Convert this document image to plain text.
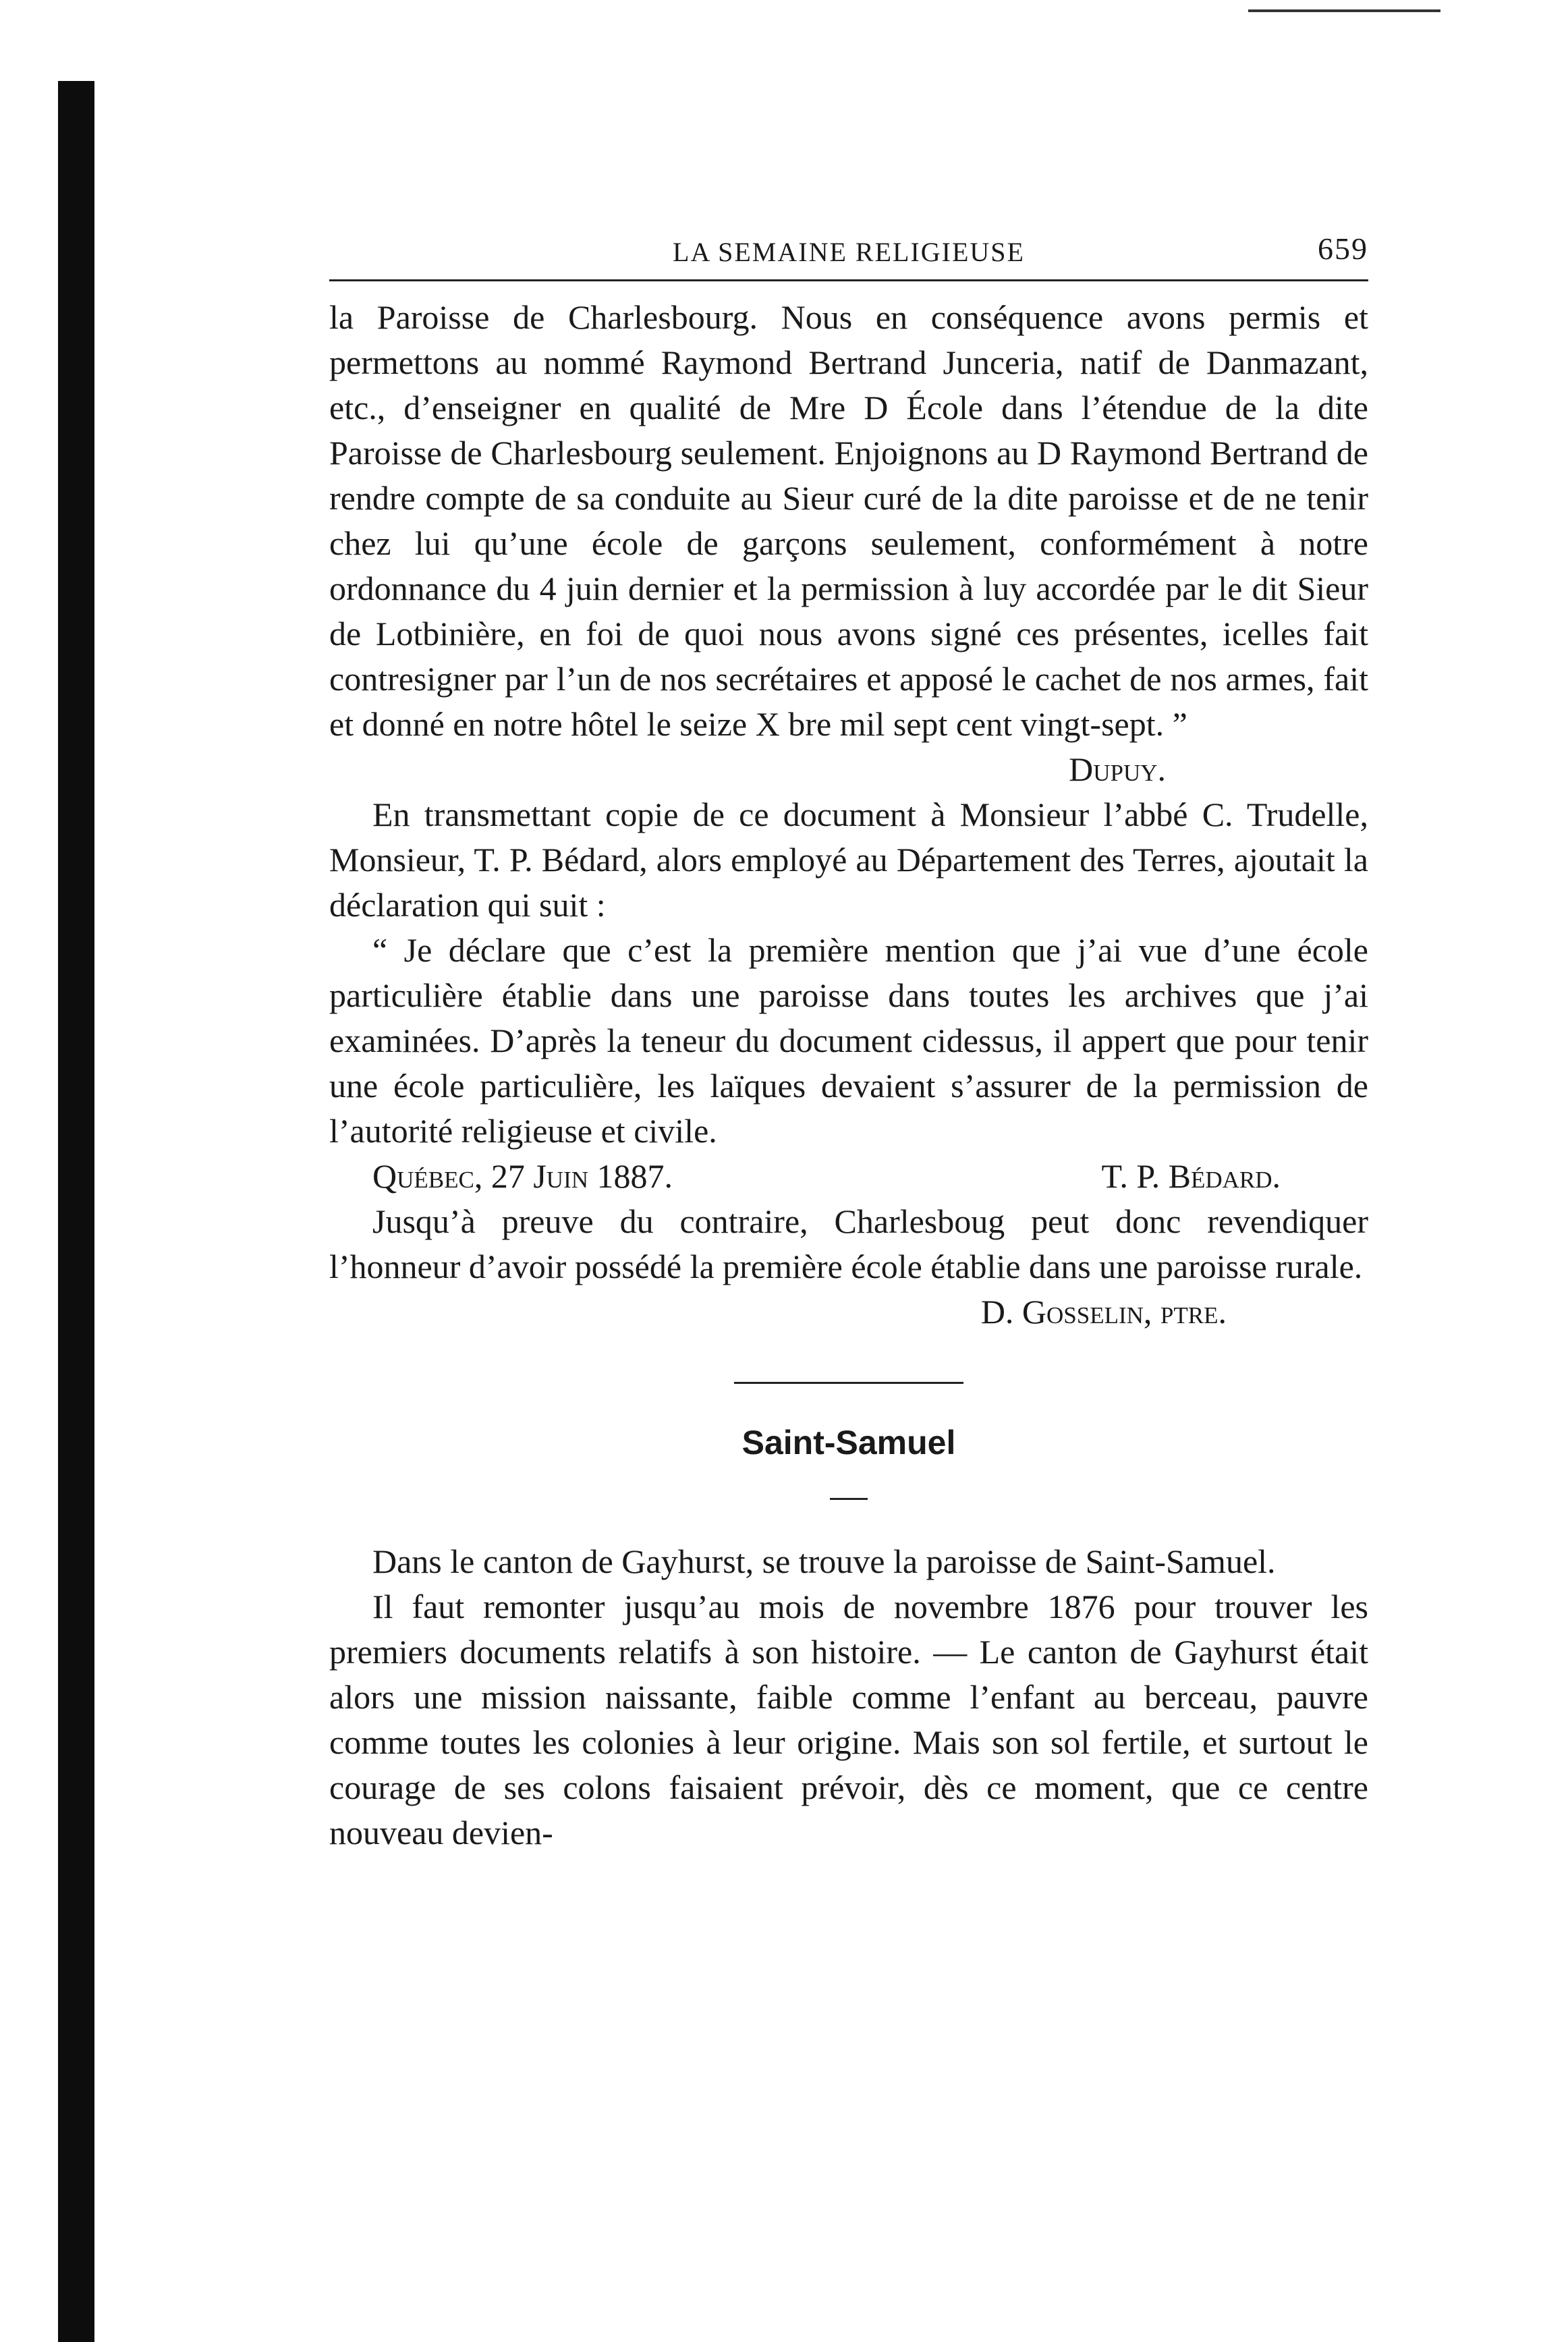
LA SEMAINE RELIGIEUSE	659

la Paroisse de Charlesbourg. Nous en conséquence avons permis et permettons au nommé Raymond Bertrand Junceria, natif de Danmazant, etc., d’enseigner en qualité de Mre D École dans l’étendue de la dite Paroisse de Charlesbourg seulement. Enjoignons au D Raymond Bertrand de rendre compte de sa conduite au Sieur curé de la dite paroisse et de ne tenir chez lui qu’une école de garçons seulement, conformément à notre ordonnance du 4 juin dernier et la permission à luy accordée par le dit Sieur de Lotbinière, en foi de quoi nous avons signé ces présentes, icelles fait contresigner par l’un de nos secrétaires et apposé le cachet de nos armes, fait et donné en notre hôtel le seize X bre mil sept cent vingt-sept. ”

Dupuy.

En transmettant copie de ce document à Monsieur l’abbé C. Trudelle, Monsieur, T. P. Bédard, alors employé au Département des Terres, ajoutait la déclaration qui suit :

“ Je déclare que c’est la première mention que j’ai vue d’une école particulière établie dans une paroisse dans toutes les archives que j’ai examinées. D’après la teneur du document cidessus, il appert que pour tenir une école particulière, les laïques devaient s’assurer de la permission de l’autorité religieuse et civile.

Québec, 27 Juin 1887.	T. P. Bédard.

Jusqu’à preuve du contraire, Charlesboug peut donc revendiquer l’honneur d’avoir possédé la première école établie dans une paroisse rurale.

D. Gosselin, ptre.

Saint-Samuel

Dans le canton de Gayhurst, se trouve la paroisse de Saint-Samuel.

Il faut remonter jusqu’au mois de novembre 1876 pour trouver les premiers documents relatifs à son histoire. — Le canton de Gayhurst était alors une mission naissante, faible comme l’enfant au berceau, pauvre comme toutes les colonies à leur origine. Mais son sol fertile, et surtout le courage de ses colons faisaient prévoir, dès ce moment, que ce centre nouveau devien-
